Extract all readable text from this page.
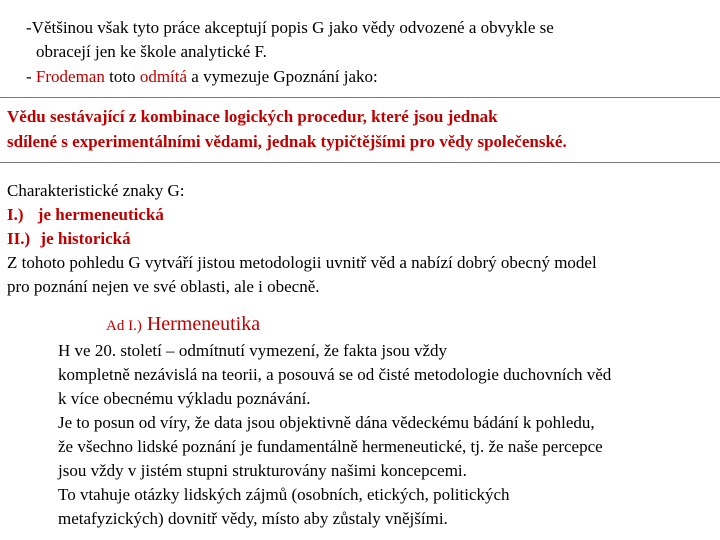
-Většinou však tyto práce akceptují popis G jako vědy odvozené a obvykle se
obracejí jen ke škole analytické F.
- Frodeman toto odmítá a vymezuje Gpoznání jako:
Vědu sestávající z kombinace logických procedur, které jsou jednak
sdílené s experimentálními vědami, jednak typičtějšími pro vědy společenské.
Charakteristické znaky G:
I.) je hermeneutická
II.) je historická
Z tohoto pohledu G vytváří jistou metodologii uvnitř věd a nabízí dobrý obecný model
pro poznání nejen ve své oblasti, ale i obecně.
Ad I.) Hermeneutika
H ve 20. století – odmítnutí vymezení, že fakta jsou vždy
kompletně nezávislá na teorii, a posouvá se od čisté metodologie duchovních věd
k více obecnému výkladu poznávání.
Je to posun od víry, že data jsou objektivně dána vědeckému bádání k pohledu,
že všechno lidské poznání je fundamentálně hermeneutické, tj. že naše percepce
jsou vždy v jistém stupni strukturovány našimi koncepcemi.
To vtahuje otázky lidských zájmů (osobních, etických, politických
metafyzických) dovnitř vědy, místo aby zůstaly vnějšími.
